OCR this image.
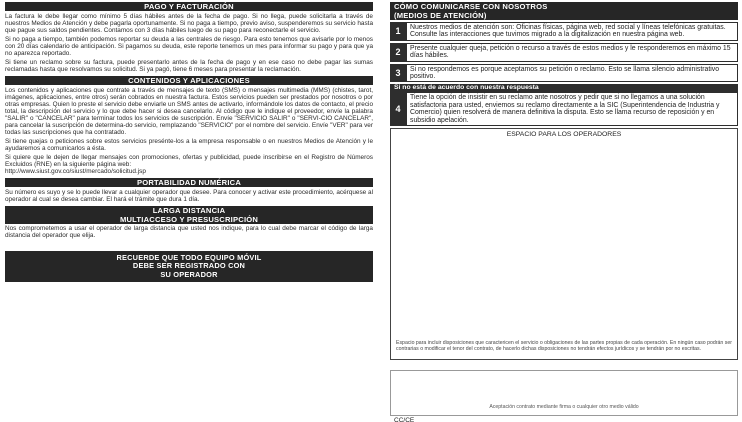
PAGO Y FACTURACIÓN

La factura le debe llegar como mínimo 5 días hábiles antes de la fecha de pago. Si no llega, puede solicitarla a través de nuestros Medios de Atención y debe pagarla oportunamente. Si no paga a tiempo, previo aviso, suspenderemos su servicio hasta que pague sus saldos pendientes. Contamos con 3 días hábiles luego de su pago para reconectarle el servicio.

Si no paga a tiempo, también podemos reportar su deuda a las centrales de riesgo. Para esto tenemos que avisarle por lo menos con 20 días calendario de anticipación. Si pagamos su deuda, este reporte tenemos un mes para informar su pago y para que ya no aparezca reportado.

Si tiene un reclamo sobre su factura, puede presentarlo antes de la fecha de pago y en ese caso no debe pagar las sumas reclamadas hasta que resolvamos su solicitud. Si ya pagó, tiene 6 meses para presentar la reclamación.

CONTENIDOS Y APLICACIONES

Los contenidos y aplicaciones que contrate a través de mensajes de texto (SMS) o mensajes multimedia (MMS) (chistes, tarot, imágenes, aplicaciones, entre otros) serán cobrados en nuestra factura. Estos servicios pueden ser prestados por nosotros o por otras empresas. Quien lo preste el servicio debe enviarle un SMS antes de activarlo, informándole los datos de contacto, el precio total, la descripción del servicio y lo que debe hacer si desea cancelarlo. Al código que le indique el proveedor, envíe la palabra "SALIR" o "CANCELAR" para terminar todos los servicios de suscripción. Envíe "SERVICIO SALIR" o "SERVI-CIO CANCELAR", para cancelar la suscripción de determina-do servicio, remplazando "SERVICIO" por el nombre del servicio. Envíe "VER" para ver todas las suscripciones que ha contratado.

Si tiene quejas o peticiones sobre estos servicios presénte-los a la empresa responsable o en nuestros Medios de Atención y le ayudaremos a comunicarlos a ésta.

Si quiere que le dejen de llegar mensajes con promociones, ofertas y publicidad, puede inscribirse en el Registro de Números Excluidos (RNE) en la siguiente página web:

http://www.siust.gov.co/siust/mercado/solicitud.jsp

PORTABILIDAD NUMÉRICA

Su número es suyo y se lo puede llevar a cualquier operador que desee. Para conocer y activar este procedimiento, acérquese al operador al cual se desea cambiar. El hará el trámite que dura 1 día.

LARGA DISTANCIA
MULTIACCESO Y PRESUSCRIPCIÓN

Nos comprometemos a usar el operador de larga distancia que usted nos indique, para lo cual debe marcar el código de larga distancia del operador que elija.

RECUERDE QUE TODO EQUIPO MÓVIL
DEBE SER REGISTRADO CON
SU OPERADOR
CÓMO COMUNICARSE CON NOSOTROS
(MEDIOS DE ATENCIÓN)
1	Nuestros medios de atención son: Oficinas físicas, página web, red social y líneas telefónicas gratuitas. Consulte las interacciones que tuvimos migrado a la digitalización en nuestra página web.
2	Presente cualquier queja, petición o recurso a través de estos medios y le responderemos en máximo 15 días hábiles.
3	Si no respondemos es porque aceptamos su petición o reclamo. Esto se llama silencio administrativo positivo.
Si no está de acuerdo con nuestra respuesta
4
Tiene la opción de insistir en su reclamo ante nosotros y pedir que si no llegamos a una solución satisfactoria para usted, enviemos su reclamo directamente a la SIC (Superintendencia de Industria y Comercio) quien resolverá de manera definitiva la disputa. Esto se llama recurso de reposición y en subsidio apelación.
ESPACIO PARA LOS OPERADORES

Espacio para incluir disposiciones que caractericen el servicio o obligaciones de las partes propias de cada operación. En ningún caso podrán ser contrarias o modificar el tenor del contrato, de hacerlo dichas disposiciones no tendrán efectos jurídicos y se tendrán por no escritas.

Aceptación contrato mediante firma o cualquier otro medio válido
CC/CE
